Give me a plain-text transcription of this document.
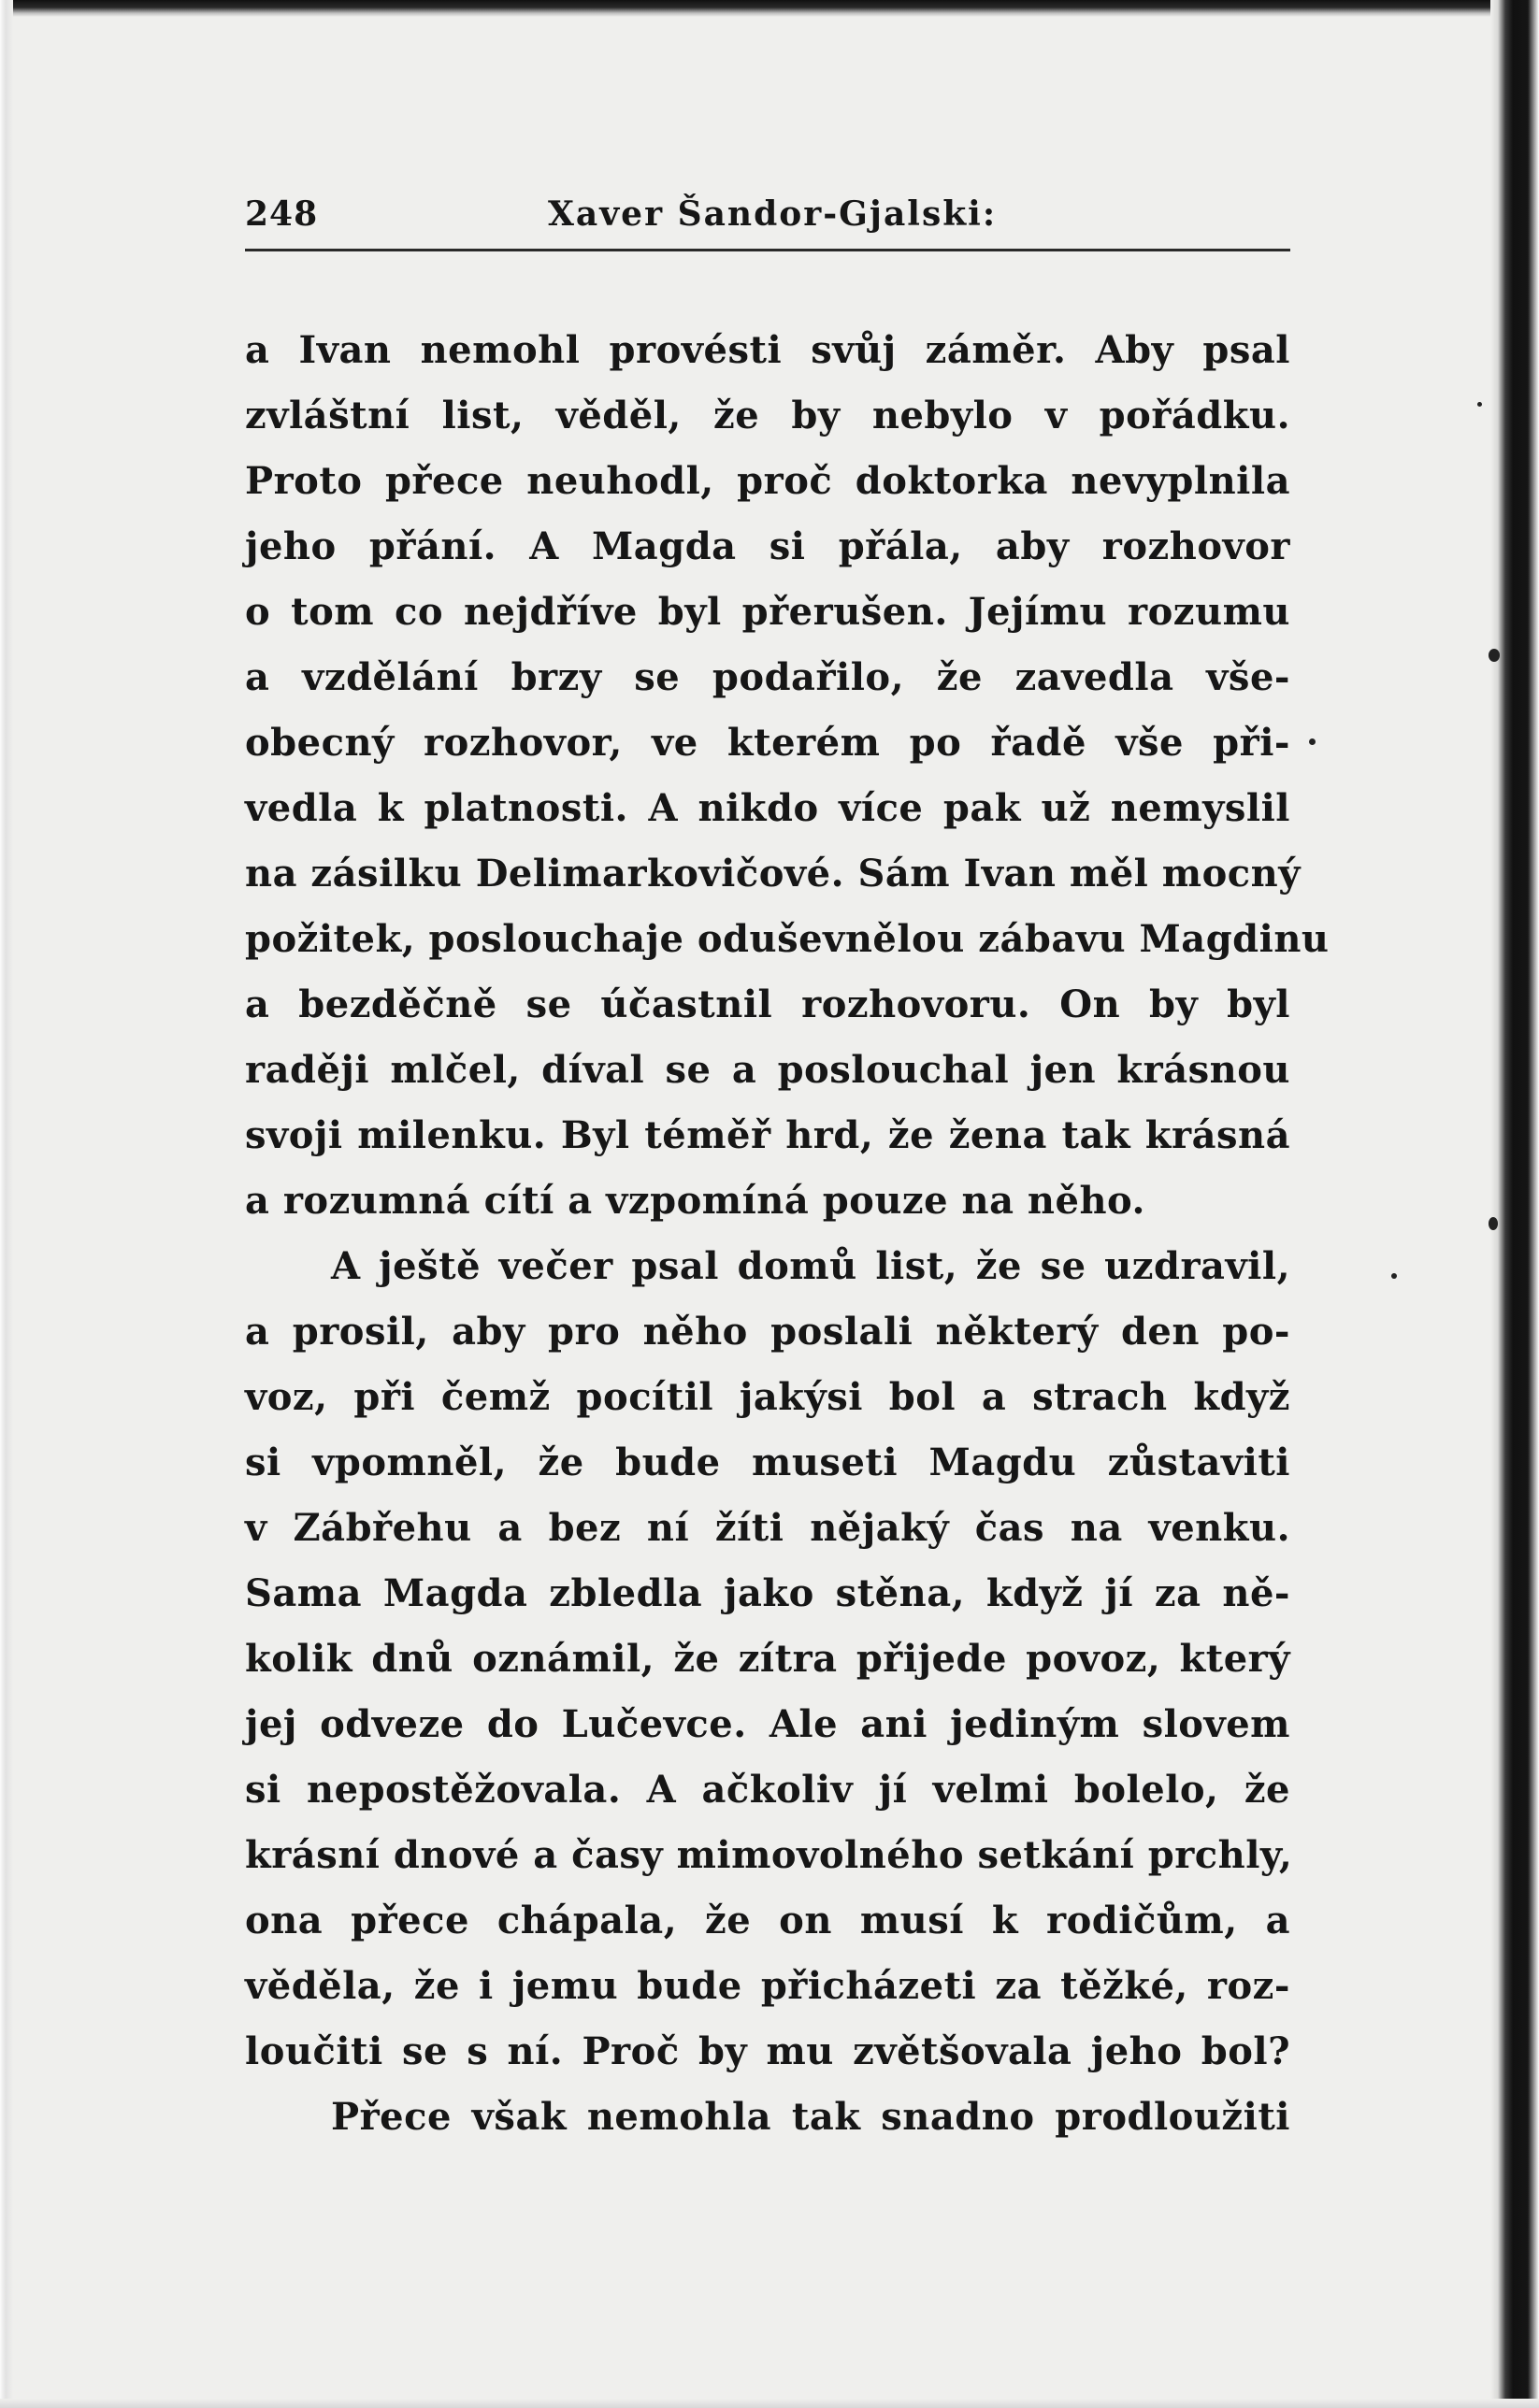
248	Xaver Šandor-Gjalski:
a Ivan nemohl provésti svůj záměr. Aby psal
zvláštní list, věděl, že by nebylo v pořádku.
Proto přece neuhodl, proč doktorka nevyplnila
jeho přání. A Magda si přála, aby rozhovor
o tom co nejdříve byl přerušen. Jejímu rozumu
a vzdělání brzy se podařilo, že zavedla vše-
obecný rozhovor, ve kterém po řadě vše při-
vedla k platnosti. A nikdo více pak už nemyslil
na zásilku Delimarkovičové. Sám Ivan měl mocný
požitek, poslouchaje oduševnělou zábavu Magdinu
a bezděčně se účastnil rozhovoru. On by byl
raději mlčel, díval se a poslouchal jen krásnou
svoji milenku. Byl téměř hrd, že žena tak krásná
a rozumná cítí a vzpomíná pouze na něho.
A ještě večer psal domů list, že se uzdravil,
a prosil, aby pro něho poslali některý den po-
voz, při čemž pocítil jakýsi bol a strach když
si vpomněl, že bude museti Magdu zůstaviti
v Zábřehu a bez ní žíti nějaký čas na venku.
Sama Magda zbledla jako stěna, když jí za ně-
kolik dnů oznámil, že zítra přijede povoz, který
jej odveze do Lučevce. Ale ani jediným slovem
si nepostěžovala. A ačkoliv jí velmi bolelo, že
krásní dnové a časy mimovolného setkání prchly,
ona přece chápala, že on musí k rodičům, a
věděla, že i jemu bude přicházeti za těžké, roz-
loučiti se s ní. Proč by mu zvětšovala jeho bol?
Přece však nemohla tak snadno prodloužiti
